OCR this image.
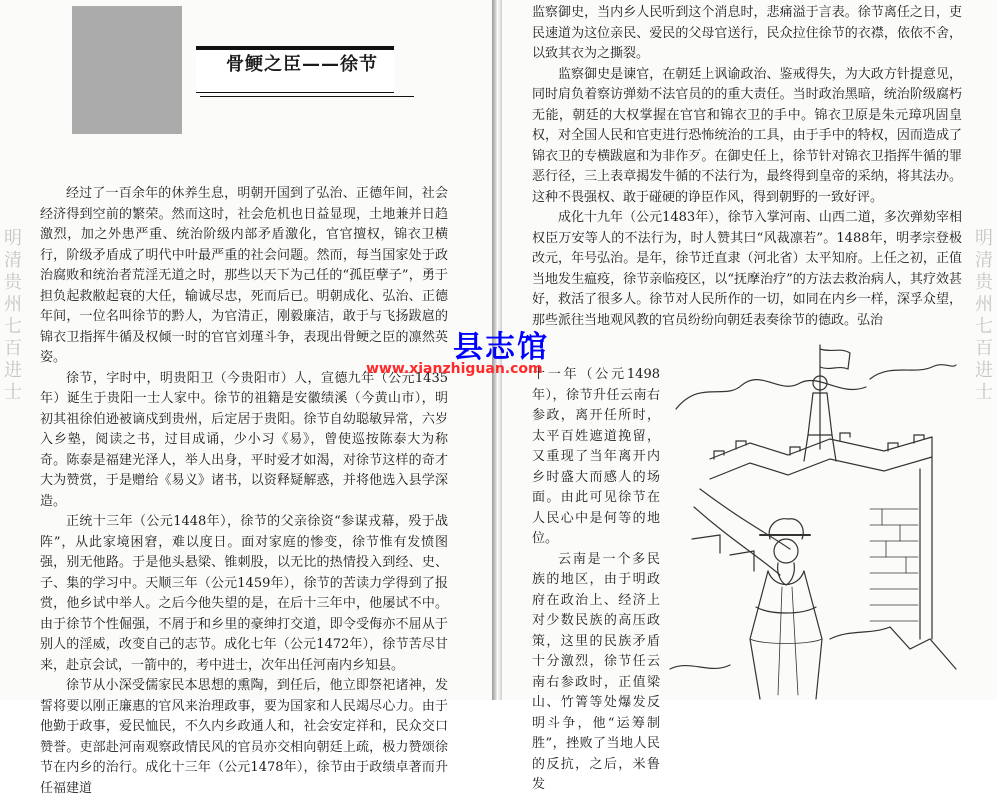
骨鲠之臣——徐节
明
清
贵
州
七
百
进
士

经过了一百余年的休养生息，明朝开国到了弘治、正德年间，社会经济得到空前的繁荣。然而这时，社会危机也日益显现，土地兼并日趋激烈，加之外患严重、统治阶级内部矛盾激化，官官擅权，锦衣卫横行，阶级矛盾成了明代中叶最严重的社会问题。然而，每当国家处于政治腐败和统治者荒淫无道之时，那些以天下为己任的“孤臣孽子”，勇于担负起救敝起衰的大任，输诚尽忠，死而后已。明朝成化、弘治、正德年间，一位名叫徐节的黔人，为官清正，刚毅廉洁，敢于与飞扬跋扈的锦衣卫指挥牛循及权倾一时的官官刘瑾斗争，表现出骨鲠之臣的凛然英姿。

徐节，字时中，明贵阳卫（今贵阳市）人，宣德九年（公元1435年）诞生于贵阳一士人家中。徐节的祖籍是安徽绩溪（今黄山市），明初其祖徐伯逊被谪戍到贵州，后定居于贵阳。徐节自幼聪敏异常，六岁入乡塾，阅读之书，过目成诵，少小习《易》，曾使巡按陈泰大为称奇。陈泰是福建光泽人，举人出身，平时爱才如渴，对徐节这样的奇才大为赞赏，于是赠给《易义》诸书，以资释疑解惑，并将他选入县学深造。

正统十三年（公元1448年），徐节的父亲徐资“参谋戎幕，殁于战阵”，从此家境困窘，难以度日。面对家庭的惨变，徐节惟有发愤图强，别无他路。于是他头悬梁、锥刺股，以无比的热情投入到经、史、子、集的学习中。天顺三年（公元1459年），徐节的苦读力学得到了报赏，他乡试中举人。之后今他失望的是，在后十三年中，他屡试不中。由于徐节个性倔强，不屑于和乡里的豪绅打交道，即令受侮亦不屈从于别人的淫威，改变自己的志节。成化七年（公元1472年），徐节苦尽甘来，赴京会试，一箭中的，考中进士，次年出任河南内乡知县。

徐节从小深受儒家民本思想的熏陶，到任后，他立即祭祀诸神，发誓将要以刚正廉惠的官风来治理政事，要为国家和人民竭尽心力。由于他勤于政事，爱民恤民，不久内乡政通人和，社会安定祥和，民众交口赞誉。吏部赴河南观察政情民风的官员亦交相向朝廷上疏，极力赞颂徐节在内乡的治行。成化十三年（公元1478年），徐节由于政绩卓著而升任福建道

监察御史，当内乡人民听到这个消息时，悲痛溢于言表。徐节离任之日，吏民速道为这位亲民、爱民的父母官送行，民众拉住徐节的衣襟，依依不舍，以致其衣为之撕裂。

监察御史是谏官，在朝廷上讽谕政治、鉴戒得失，为大政方针提意见，同时肩负着察访弹劾不法官员的的重大责任。当时政治黑暗，统治阶级腐朽无能，朝廷的大权掌握在官官和锦衣卫的手中。锦衣卫原是朱元璋巩固皇权，对全国人民和官吏进行恐怖统治的工具，由于手中的特权，因而造成了锦衣卫的专横跋扈和为非作歹。在御史任上，徐节针对锦衣卫指挥牛循的罪恶行径，三上表章揭发牛循的不法行为，最终得到皇帝的采纳，将其法办。这种不畏强权、敢于碰硬的诤臣作风，得到朝野的一致好评。

成化十九年（公元1483年），徐节入掌河南、山西二道，多次弹劾宰相权臣万安等人的不法行为，时人赞其曰“风裁凛若”。1488年，明孝宗登极改元，年号弘治。是年，徐节迁直隶（河北省）太平知府。上任之初，正值当地发生瘟疫，徐节亲临疫区，以“抚摩治疗”的方法去救治病人，其疗效甚好，救活了很多人。徐节对人民所作的一切，如同在内乡一样，深孚众望，那些派往当地观风教的官员纷纷向朝廷表奏徐节的德政。弘治

十一年（公元1498年），徐节升任云南右参政，离开任所时，太平百姓遮道挽留，又重现了当年离开内乡时盛大而感人的场面。由此可见徐节在人民心中是何等的地位。

云南是一个多民族的地区，由于明政府在政治上、经济上对少数民族的高压政策，这里的民族矛盾十分激烈，徐节任云南右参政时，正值梁山、竹箐等处爆发反明斗争，他“运筹制胜”，挫败了当地人民的反抗，之后，米鲁发

明
清
贵
州
七
百
进
士
县志馆
www.xianzhiguan.com
